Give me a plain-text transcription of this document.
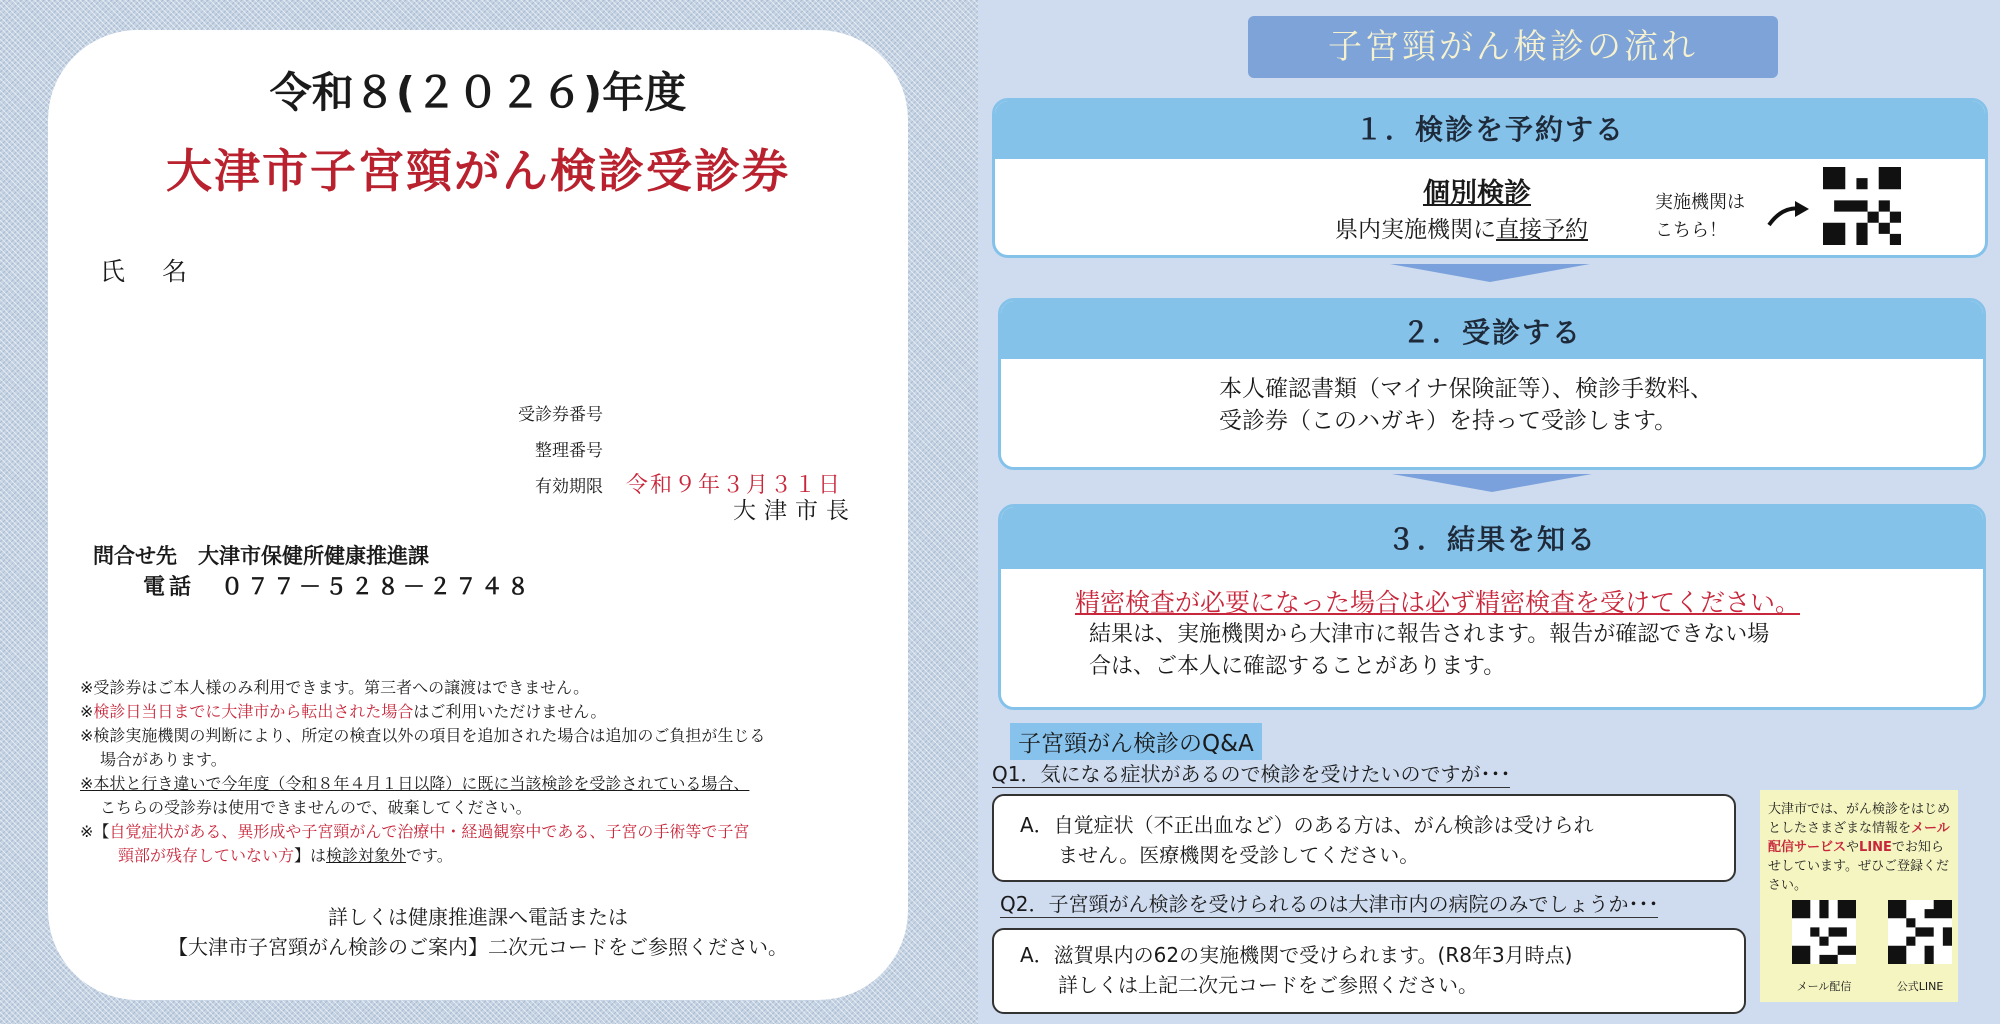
令和８(２０２６)年度
大津市子宮頸がん検診受診券
氏　名
受診券番号
整理番号
有効期限 令和９年３月３１日
大津市長
問合せ先　大津市保健所健康推進課
電話　０７７－５２８－２７４８

※受診券はご本人様のみ利用できます。第三者への譲渡はできません。

※検診日当日までに大津市から転出された場合はご利用いただけません。

※検診実施機関の判断により、所定の検査以外の項目を追加された場合は追加のご負担が生じる

場合があります。

※本状と行き違いで今年度（令和８年４月１日以降）に既に当該検診を受診されている場合、

こちらの受診券は使用できませんので、破棄してください。

※【自覚症状がある、異形成や子宮頸がんで治療中・経過観察中である、子宮の手術等で子宮

頸部が残存していない方】は検診対象外です。

詳しくは健康推進課へ電話または
【大津市子宮頸がん検診のご案内】二次元コードをご参照ください。
子宮頸がん検診の流れ
１．検診を予約する
個別検診
県内実施機関に直接予約
実施機関は
こちら！
２．受診する
本人確認書類（マイナ保険証等）、検診手数料、
受診券（このハガキ）を持って受診します。
３．結果を知る
精密検査が必要になった場合は必ず精密検査を受けてください。
結果は、実施機関から大津市に報告されます。報告が確認できない場
合は、ご本人に確認することがあります。
子宮頸がん検診のQ&A
Q1．気になる症状があるので検診を受けたいのですが･･･
A．自覚症状（不正出血など）のある方は、がん検診は受けられ
ません。医療機関を受診してください。
Q2．子宮頸がん検診を受けられるのは大津市内の病院のみでしょうか･･･
A．滋賀県内の62の実施機関で受けられます。(R8年3月時点)
詳しくは上記二次元コードをご参照ください。
大津市では、がん検診をはじめとしたさまざまな情報をメール配信サービスやLINEでお知らせしています。ぜひご登録ください。
メール配信	公式LINE
